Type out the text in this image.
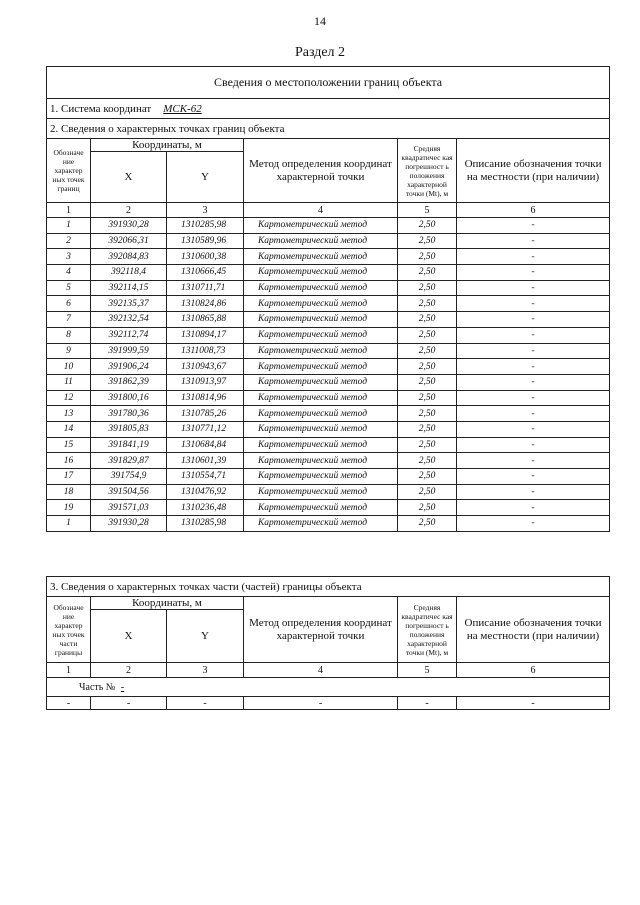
14
Раздел 2
Сведения о местоположении границ объекта					
1. Система координат МСК-62					
2. Сведения о характерных точках границ объекта					
Обозначе ние характер ных точек границ	Координаты, м		Метод определения координат характерной точки	Средняя квадратичес кая погрешност ь положения характерной точки (Mt), м	Описание обозначения точки на местности (при наличии)
	X	Y			
1	2	3	4	5	6
1	391930,28	1310285,98	Картометрический метод	2,50	-
2	392066,31	1310589,96	Картометрический метод	2,50	-
3	392084,83	1310600,38	Картометрический метод	2,50	-
4	392118,4	1310666,45	Картометрический метод	2,50	-
5	392114,15	1310711,71	Картометрический метод	2,50	-
6	392135,37	1310824,86	Картометрический метод	2,50	-
7	392132,54	1310865,88	Картометрический метод	2,50	-
8	392112,74	1310894,17	Картометрический метод	2,50	-
9	391999,59	1311008,73	Картометрический метод	2,50	-
10	391906,24	1310943,67	Картометрический метод	2,50	-
11	391862,39	1310913,97	Картометрический метод	2,50	-
12	391800,16	1310814,96	Картометрический метод	2,50	-
13	391780,36	1310785,26	Картометрический метод	2,50	-
14	391805,83	1310771,12	Картометрический метод	2,50	-
15	391841,19	1310684,84	Картометрический метод	2,50	-
16	391829,87	1310601,39	Картометрический метод	2,50	-
17	391754,9	1310554,71	Картометрический метод	2,50	-
18	391504,56	1310476,92	Картометрический метод	2,50	-
19	391571,03	1310236,48	Картометрический метод	2,50	-
1	391930,28	1310285,98	Картометрический метод	2,50	-
3. Сведения о характерных точках части (частей) границы объекта					
Обозначе ние характер ных точек части границы	Координаты, м		Метод определения координат характерной точки	Средняя квадратичес кая погрешност ь положения характерной точки (Mt), м	Описание обозначения точки на местности (при наличии)
	X	Y			
1	2	3	4	5	6
Часть № -					
-	-	-	-	-	-
